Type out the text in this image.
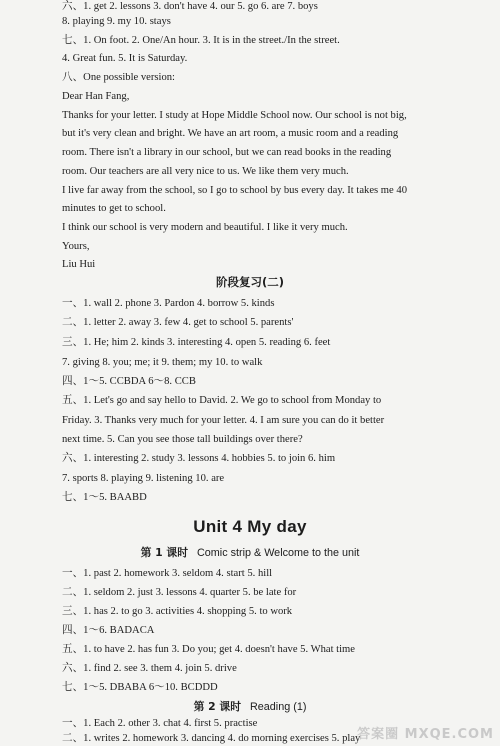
六、1. get 2. lessons 3. don't have 4. our 5. go 6. are 7. boys
8. playing 9. my 10. stays
七、1. On foot. 2. One/An hour. 3. It is in the street./In the street.
4. Great fun. 5. It is Saturday.
八、One possible version:
Dear Han Fang,
Thanks for your letter. I study at Hope Middle School now. Our school is not big,
but it's very clean and bright. We have an art room, a music room and a reading
room. There isn't a library in our school, but we can read books in the reading
room. Our teachers are all very nice to us. We like them very much.
I live far away from the school, so I go to school by bus every day. It takes me 40
minutes to get to school.
I think our school is very modern and beautiful. I like it very much.
Yours,
Liu Hui
阶段复习(二)
一、1. wall 2. phone 3. Pardon 4. borrow 5. kinds
二、1. letter 2. away 3. few 4. get to school 5. parents'
三、1. He; him 2. kinds 3. interesting 4. open 5. reading 6. feet
7. giving 8. you; me; it 9. them; my 10. to walk
四、1～5. CCBDA 6～8. CCB
五、1. Let's go and say hello to David. 2. We go to school from Monday to
Friday. 3. Thanks very much for your letter. 4. I am sure you can do it better
next time. 5. Can you see those tall buildings over there?
六、1. interesting 2. study 3. lessons 4. hobbies 5. to join 6. him
7. sports 8. playing 9. listening 10. are
七、1～5. BAABD
Unit 4 My day
第 1 课时 Comic strip & Welcome to the unit
一、1. past 2. homework 3. seldom 4. start 5. hill
二、1. seldom 2. just 3. lessons 4. quarter 5. be late for
三、1. has 2. to go 3. activities 4. shopping 5. to work
四、1～6. BADACA
五、1. to have 2. has fun 3. Do you; get 4. doesn't have 5. What time
六、1. find 2. see 3. them 4. join 5. drive
七、1～5. DBABA 6～10. BCDDD
第 2 课时 Reading (1)
一、1. Each 2. other 3. chat 4. first 5. practise
二、1. writes 2. homework 3. dancing 4. do morning exercises 5. play
答案圈 MXQE.COM
